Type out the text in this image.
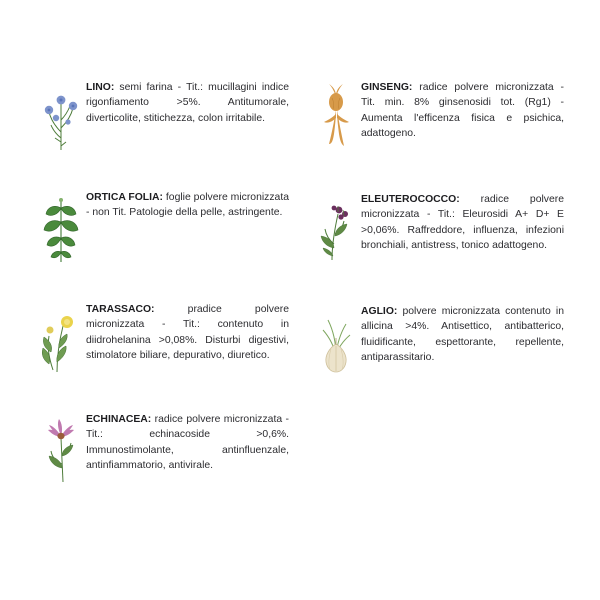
LINO: semi farina - Tit.: mucillagini indice rigonfiamento >5%. Antitumorale, diverticolite, stitichezza, colon irritabile.
ORTICA FOLIA: foglie polvere micronizzata - non Tit. Patologie della pelle, astringente.
TARASSACO: pradice polvere micronizzata - Tit.: contenuto in diidrohelanina >0,08%. Disturbi digestivi, stimolatore biliare, depurativo, diuretico.
ECHINACEA: radice polvere micronizzata - Tit.: echinacoside >0,6%. Immunostimolante, antinfluenzale, antinfiammatorio, antivirale.
GINSENG: radice polvere micronizzata - Tit. min. 8% ginsenosidi tot. (Rg1) - Aumenta l'efficenza fisica e psichica, adattogeno.
ELEUTEROCOCCO: radice polvere micronizzata - Tit.: Eleurosidi A+ D+ E >0,06%. Raffreddore, influenza, infezioni bronchiali, antistress, tonico adattogeno.
AGLIO: polvere micronizzata contenuto in allicina >4%. Antisettico, antibatterico, fluidificante, espettorante, repellente, antiparassitario.
